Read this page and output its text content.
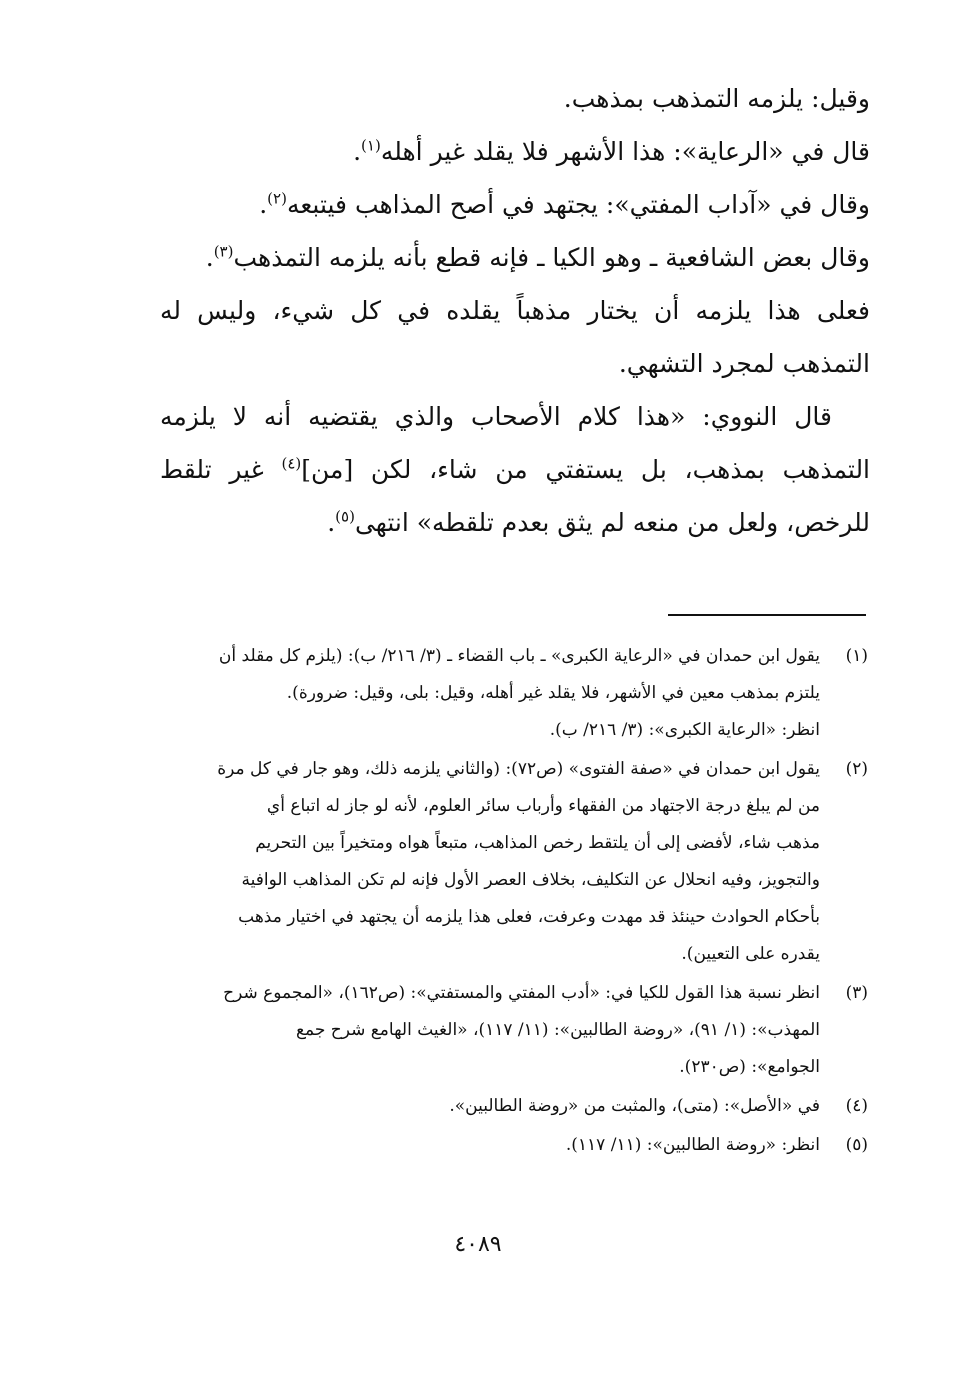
وقيل: يلزمه التمذهب بمذهب.

قال في «الرعاية»: هذا الأشهر فلا يقلد غير أهله$^{(١)}$.

وقال في «آداب المفتي»: يجتهد في أصح المذاهب فيتبعه$^{(٢)}$.

وقال بعض الشافعية ـ وهو الكيا ـ فإنه قطع بأنه يلزمه التمذهب$^{(٣)}$.

فعلى هذا يلزمه أن يختار مذهباً يقلده في كل شيء، وليس له التمذهب لمجرد التشهي.

قال النووي: «هذا كلام الأصحاب والذي يقتضيه أنه لا يلزمه التمذهب بمذهب، بل يستفتي من شاء، لكن [من]$^{(٤)}$ غير تلقط للرخص، ولعل من منعه لم يثق بعدم تلقطه» انتهى$^{(٥)}$.

(١)
يقول ابن حمدان في «الرعاية الكبرى» ـ باب القضاء ـ (٣/ ٢١٦/ ب): (يلزم كل مقلد أن
يلتزم بمذهب معين في الأشهر، فلا يقلد غير أهله، وقيل: بلى، وقيل: ضرورة).
انظر: «الرعاية الكبرى»: (٣/ ٢١٦/ ب).
(٢)
يقول ابن حمدان في «صفة الفتوى» (ص٧٢): (والثاني يلزمه ذلك، وهو جار في كل مرة
من لم يبلغ درجة الاجتهاد من الفقهاء وأرباب سائر العلوم، لأنه لو جاز له اتباع أي
مذهب شاء، لأفضى إلى أن يلتقط رخص المذاهب، متبعاً هواه ومتخيراً بين التحريم
والتجويز، وفيه انحلال عن التكليف، بخلاف العصر الأول فإنه لم تكن المذاهب الوافية
بأحكام الحوادث حينئذ قد مهدت وعرفت، فعلى هذا يلزمه أن يجتهد في اختيار مذهب
يقدره على التعيين).
(٣)
انظر نسبة هذا القول للكيا في: «أدب المفتي والمستفتي»: (ص١٦٢)، «المجموع شرح
المهذب»: (١/ ٩١)، «روضة الطالبين»: (١١/ ١١٧)، «الغيث الهامع شرح جمع
الجوامع»: (ص٢٣٠).
(٤)
في «الأصل»: (متى)، والمثبت من «روضة الطالبين».
(٥)
انظر: «روضة الطالبين»: (١١/ ١١٧).
٤٠٨٩
